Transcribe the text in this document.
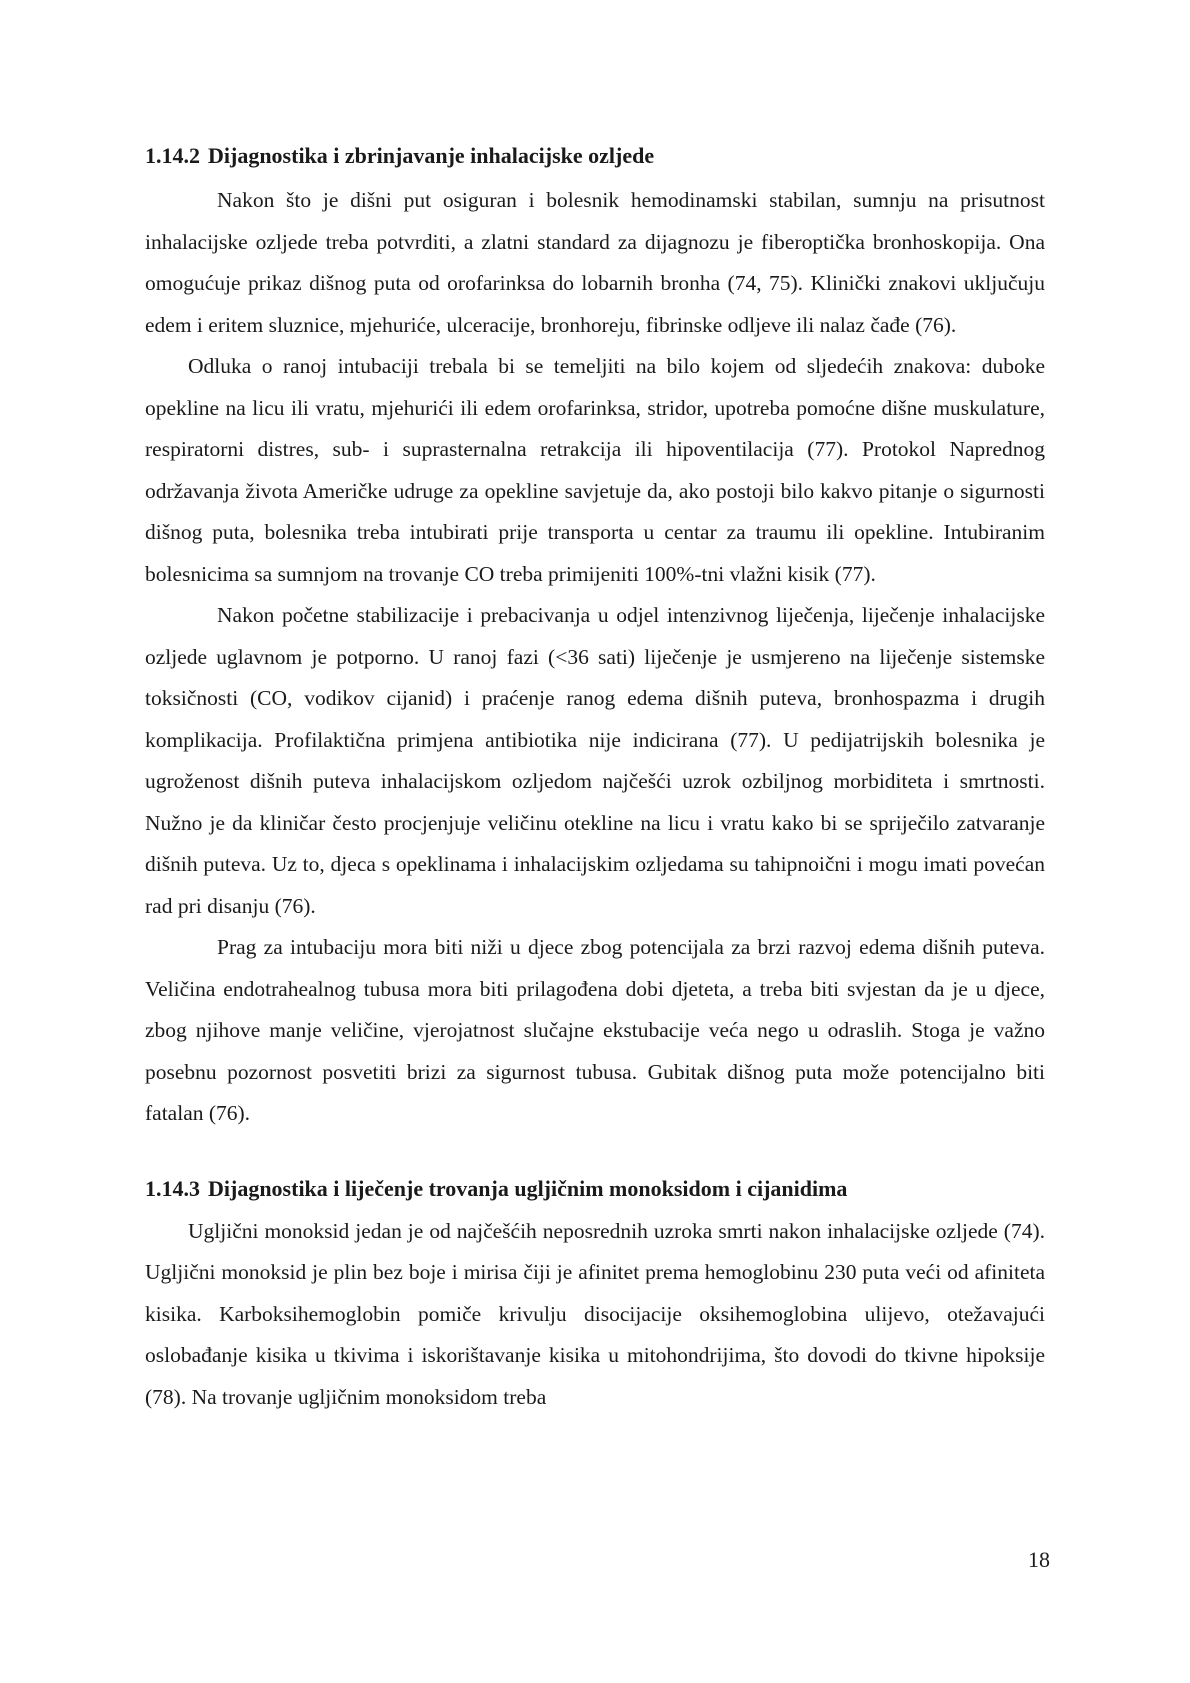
1.14.2 Dijagnostika i zbrinjavanje inhalacijske ozljede

Nakon što je dišni put osiguran i bolesnik hemodinamski stabilan, sumnju na prisutnost inhalacijske ozljede treba potvrditi, a zlatni standard za dijagnozu je fiberoptička bronhoskopija. Ona omogućuje prikaz dišnog puta od orofarinksa do lobarnih bronha (74, 75). Klinički znakovi uključuju edem i eritem sluznice, mjehuriće, ulceracije, bronhoreju, fibrinske odljeve ili nalaz čađe (76).

Odluka o ranoj intubaciji trebala bi se temeljiti na bilo kojem od sljedećih znakova: duboke opekline na licu ili vratu, mjehurići ili edem orofarinksa, stridor, upotreba pomoćne dišne muskulature, respiratorni distres, sub- i suprasternalna retrakcija ili hipoventilacija (77). Protokol Naprednog održavanja života Američke udruge za opekline savjetuje da, ako postoji bilo kakvo pitanje o sigurnosti dišnog puta, bolesnika treba intubirati prije transporta u centar za traumu ili opekline. Intubiranim bolesnicima sa sumnjom na trovanje CO treba primijeniti 100%-tni vlažni kisik (77).

Nakon početne stabilizacije i prebacivanja u odjel intenzivnog liječenja, liječenje inhalacijske ozljede uglavnom je potporno. U ranoj fazi (<36 sati) liječenje je usmjereno na liječenje sistemske toksičnosti (CO, vodikov cijanid) i praćenje ranog edema dišnih puteva, bronhospazma i drugih komplikacija. Profilaktična primjena antibiotika nije indicirana (77). U pedijatrijskih bolesnika je ugroženost dišnih puteva inhalacijskom ozljedom najčešći uzrok ozbiljnog morbiditeta i smrtnosti. Nužno je da kliničar često procjenjuje veličinu otekline na licu i vratu kako bi se spriječilo zatvaranje dišnih puteva. Uz to, djeca s opeklinama i inhalacijskim ozljedama su tahipnoični i mogu imati povećan rad pri disanju (76).

Prag za intubaciju mora biti niži u djece zbog potencijala za brzi razvoj edema dišnih puteva. Veličina endotrahealnog tubusa mora biti prilagođena dobi djeteta, a treba biti svjestan da je u djece, zbog njihove manje veličine, vjerojatnost slučajne ekstubacije veća nego u odraslih. Stoga je važno posebnu pozornost posvetiti brizi za sigurnost tubusa. Gubitak dišnog puta može potencijalno biti fatalan (76).

1.14.3 Dijagnostika i liječenje trovanja ugljičnim monoksidom i cijanidima

Ugljični monoksid jedan je od najčešćih neposrednih uzroka smrti nakon inhalacijske ozljede (74). Ugljični monoksid je plin bez boje i mirisa čiji je afinitet prema hemoglobinu 230 puta veći od afiniteta kisika. Karboksihemoglobin pomiče krivulju disocijacije oksihemoglobina ulijevo, otežavajući oslobađanje kisika u tkivima i iskorištavanje kisika u mitohondrijima, što dovodi do tkivne hipoksije (78). Na trovanje ugljičnim monoksidom treba

18
